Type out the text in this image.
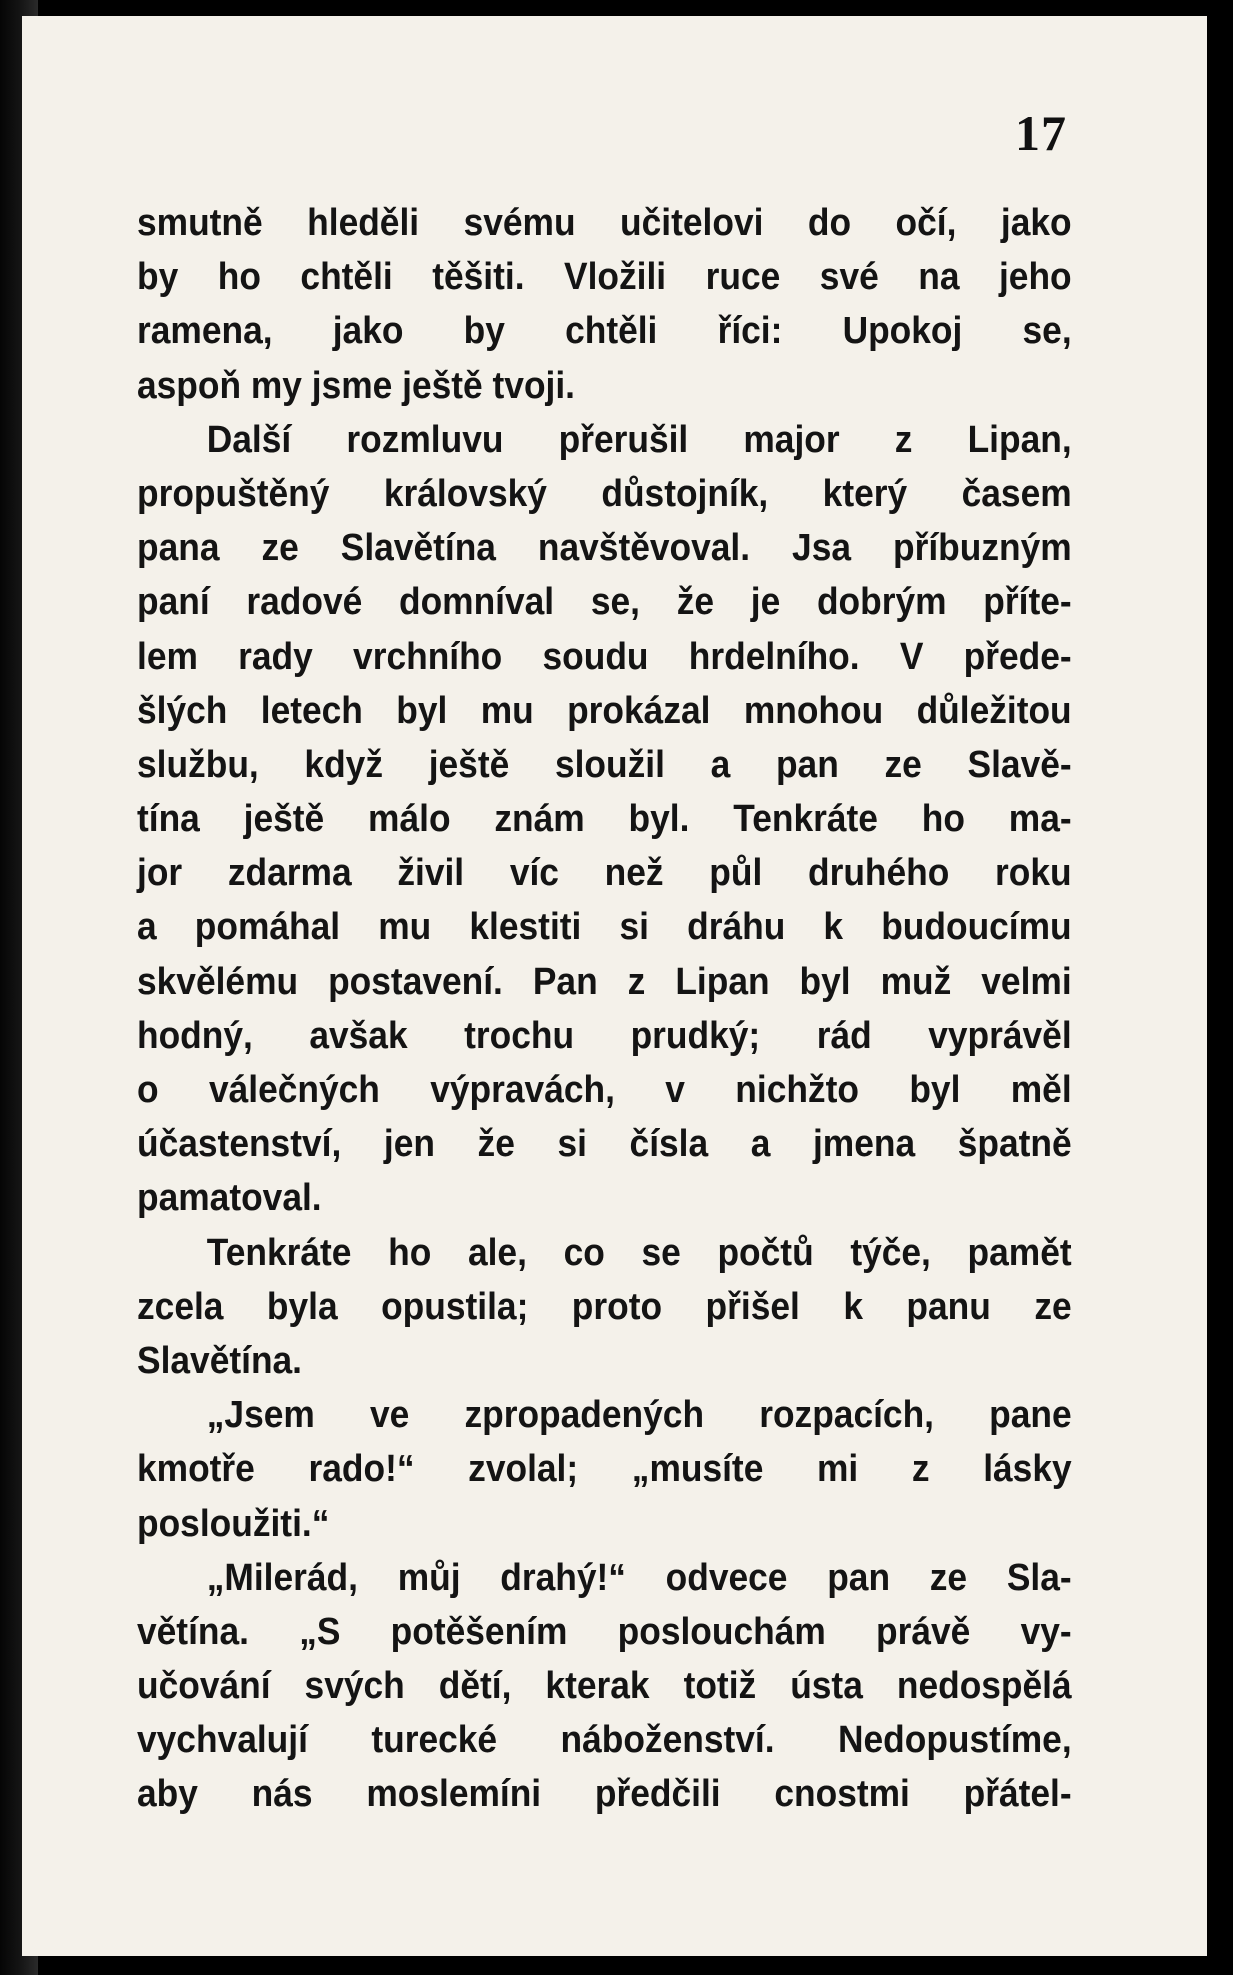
17
smutně hleděli svému učitelovi do očí, jako
by ho chtěli těšiti. Vložili ruce své na jeho
ramena, jako by chtěli říci: Upokoj se,
aspoň my jsme ještě tvoji.
Další rozmluvu přerušil major z Lipan,
propuštěný královský důstojník, který časem
pana ze Slavětína navštěvoval. Jsa příbuzným
paní radové domníval se, že je dobrým přítе-
lem rady vrchního soudu hrdelního. V přede-
šlých letech byl mu prokázal mnohou důležitou
službu, když ještě sloužil a pan ze Slavě-
tína ještě málo znám byl. Tenkráte ho ma-
jor zdarma živil víc než půl druhého roku
a pomáhal mu klestiti si dráhu k budoucímu
skvělému postavení. Pan z Lipan byl muž velmi
hodný, avšak trochu prudký; rád vyprávěl
o válečných výpravách, v nichžto byl měl
účastenství, jen že si čísla a jmena špatně
pamatoval.
Tenkráte ho ale, co se počtů týče, pamět
zcela byla opustila; proto přišel k panu ze
Slavětína.
„Jsem ve zpropadených rozpacích, pane
kmotře rado!“ zvolal; „musíte mi z lásky
posloužiti.“
„Milerád, můj drahý!“ odvece pan ze Sla-
větína. „S potěšením poslouchám právě vy-
učování svých dětí, kterak totiž ústa nedospělá
vychvalují turecké náboženství. Nedopustíme,
aby nás moslemíni předčili cnostmi přátel-
